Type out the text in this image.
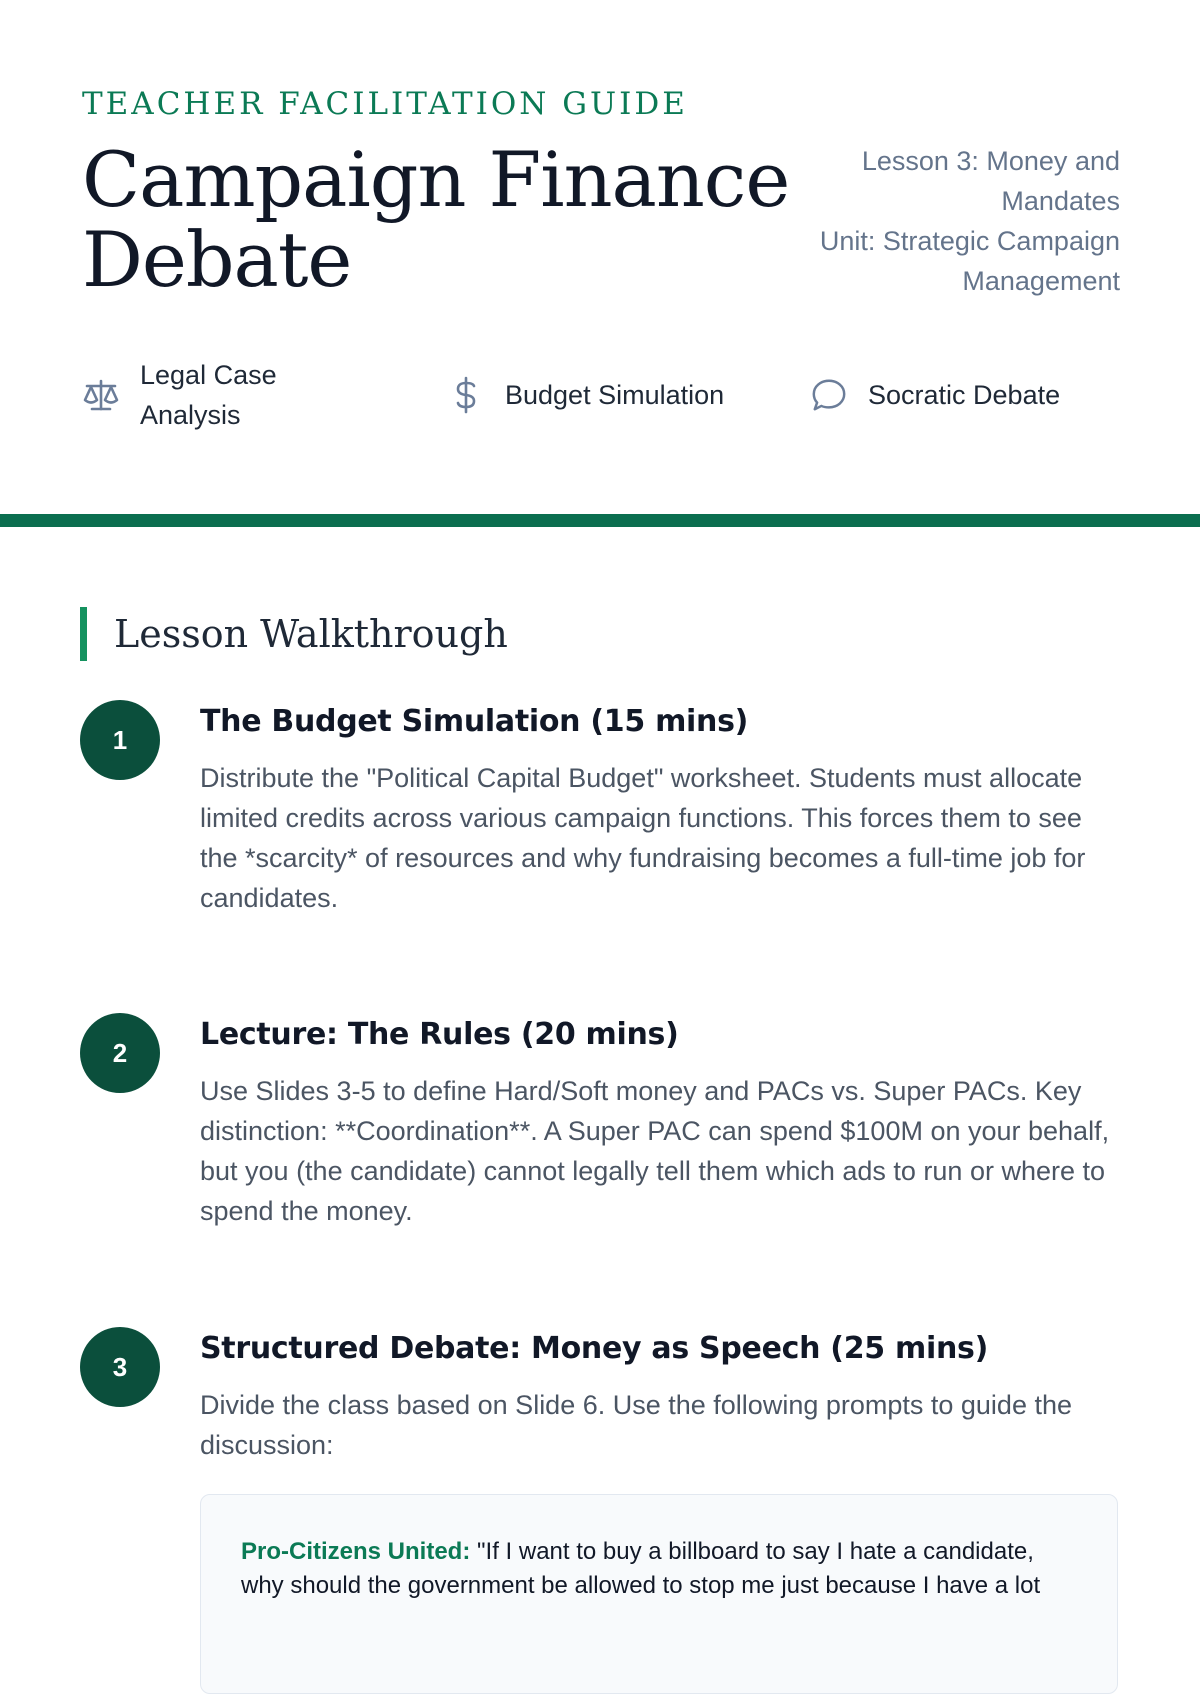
TEACHER FACILITATION GUIDE
Campaign Finance Debate
Lesson 3: Money and Mandates
Unit: Strategic Campaign Management
Legal Case Analysis
Budget Simulation	Socratic Debate
Lesson Walkthrough
1
The Budget Simulation (15 mins)

Distribute the "Political Capital Budget" worksheet. Students must allocate limited credits across various campaign functions. This forces them to see the *scarcity* of resources and why fundraising becomes a full-time job for candidates.

2
Lecture: The Rules (20 mins)

Use Slides 3-5 to define Hard/Soft money and PACs vs. Super PACs. Key distinction: **Coordination**. A Super PAC can spend $100M on your behalf, but you (the candidate) cannot legally tell them which ads to run or where to spend the money.

3
Structured Debate: Money as Speech (25 mins)

Divide the class based on Slide 6. Use the following prompts to guide the discussion:

Pro-Citizens United: "If I want to buy a billboard to say I hate a candidate, why should the government be allowed to stop me just because I have a lot
